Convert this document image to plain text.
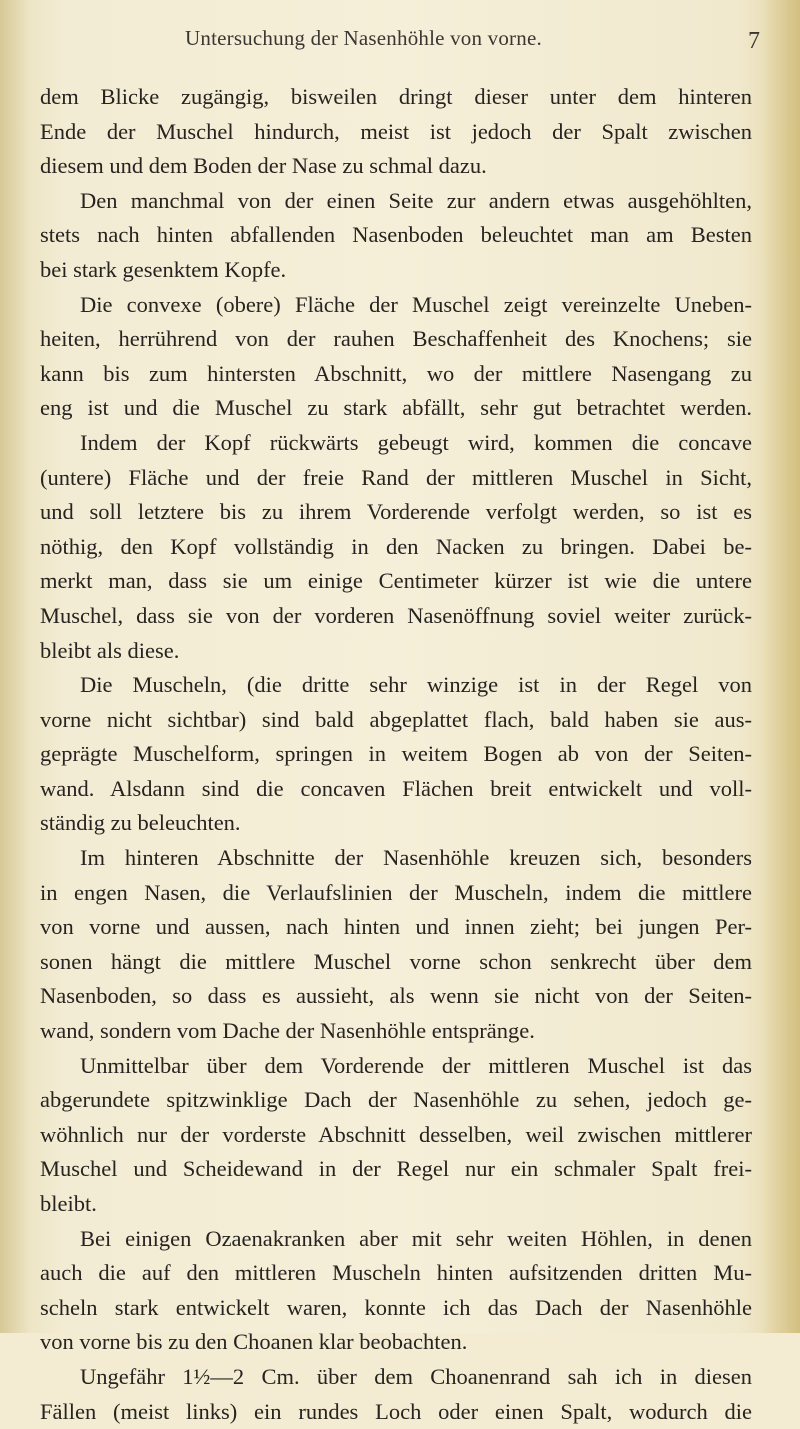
Untersuchung der Nasenhöhle von vorne.	7
dem Blicke zugängig, bisweilen dringt dieser unter dem hinteren
Ende der Muschel hindurch, meist ist jedoch der Spalt zwischen
diesem und dem Boden der Nase zu schmal dazu.
Den manchmal von der einen Seite zur andern etwas ausgehöhlten,
stets nach hinten abfallenden Nasenboden beleuchtet man am Besten
bei stark gesenktem Kopfe.
Die convexe (obere) Fläche der Muschel zeigt vereinzelte Uneben-
heiten, herrührend von der rauhen Beschaffenheit des Knochens; sie
kann bis zum hintersten Abschnitt, wo der mittlere Nasengang zu
eng ist und die Muschel zu stark abfällt, sehr gut betrachtet werden.
Indem der Kopf rückwärts gebeugt wird, kommen die concave
(untere) Fläche und der freie Rand der mittleren Muschel in Sicht,
und soll letztere bis zu ihrem Vorderende verfolgt werden, so ist es
nöthig, den Kopf vollständig in den Nacken zu bringen. Dabei be-
merkt man, dass sie um einige Centimeter kürzer ist wie die untere
Muschel, dass sie von der vorderen Nasenöffnung soviel weiter zurück-
bleibt als diese.
Die Muscheln, (die dritte sehr winzige ist in der Regel von
vorne nicht sichtbar) sind bald abgeplattet flach, bald haben sie aus-
geprägte Muschelform, springen in weitem Bogen ab von der Seiten-
wand. Alsdann sind die concaven Flächen breit entwickelt und voll-
ständig zu beleuchten.
Im hinteren Abschnitte der Nasenhöhle kreuzen sich, besonders
in engen Nasen, die Verlaufslinien der Muscheln, indem die mittlere
von vorne und aussen, nach hinten und innen zieht; bei jungen Per-
sonen hängt die mittlere Muschel vorne schon senkrecht über dem
Nasenboden, so dass es aussieht, als wenn sie nicht von der Seiten-
wand, sondern vom Dache der Nasenhöhle entspränge.
Unmittelbar über dem Vorderende der mittleren Muschel ist das
abgerundete spitzwinklige Dach der Nasenhöhle zu sehen, jedoch ge-
wöhnlich nur der vorderste Abschnitt desselben, weil zwischen mittlerer
Muschel und Scheidewand in der Regel nur ein schmaler Spalt frei-
bleibt.
Bei einigen Ozaenakranken aber mit sehr weiten Höhlen, in denen
auch die auf den mittleren Muscheln hinten aufsitzenden dritten Mu-
scheln stark entwickelt waren, konnte ich das Dach der Nasenhöhle
von vorne bis zu den Choanen klar beobachten.
Ungefähr 1½—2 Cm. über dem Choanenrand sah ich in diesen
Fällen (meist links) ein rundes Loch oder einen Spalt, wodurch die
